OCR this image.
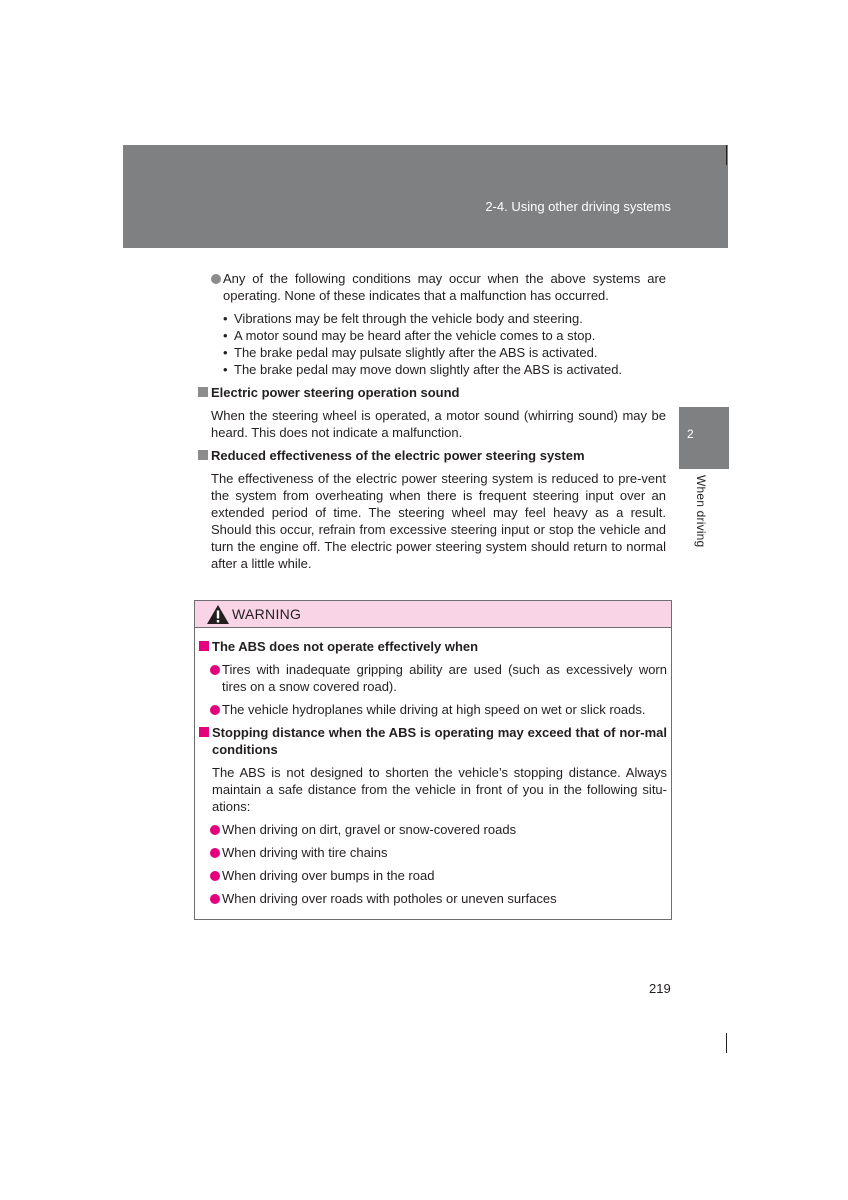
2-4. Using other driving systems
2
When driving

Any of the following conditions may occur when the above systems are operating. None of these indicates that a malfunction has occurred.

• Vibrations may be felt through the vehicle body and steering.
• A motor sound may be heard after the vehicle comes to a stop.
• The brake pedal may pulsate slightly after the ABS is activated.
• The brake pedal may move down slightly after the ABS is activated.

Electric power steering operation sound

When the steering wheel is operated, a motor sound (whirring sound) may be heard. This does not indicate a malfunction.

Reduced effectiveness of the electric power steering system

The effectiveness of the electric power steering system is reduced to pre-vent the system from overheating when there is frequent steering input over an extended period of time. The steering wheel may feel heavy as a result. Should this occur, refrain from excessive steering input or stop the vehicle and turn the engine off. The electric power steering system should return to normal after a little while.

WARNING

The ABS does not operate effectively when

Tires with inadequate gripping ability are used (such as excessively worn tires on a snow covered road).

The vehicle hydroplanes while driving at high speed on wet or slick roads.

Stopping distance when the ABS is operating may exceed that of nor-mal conditions

The ABS is not designed to shorten the vehicle’s stopping distance. Always maintain a safe distance from the vehicle in front of you in the following situ-ations:

When driving on dirt, gravel or snow-covered roads

When driving with tire chains

When driving over bumps in the road

When driving over roads with potholes or uneven surfaces

219
